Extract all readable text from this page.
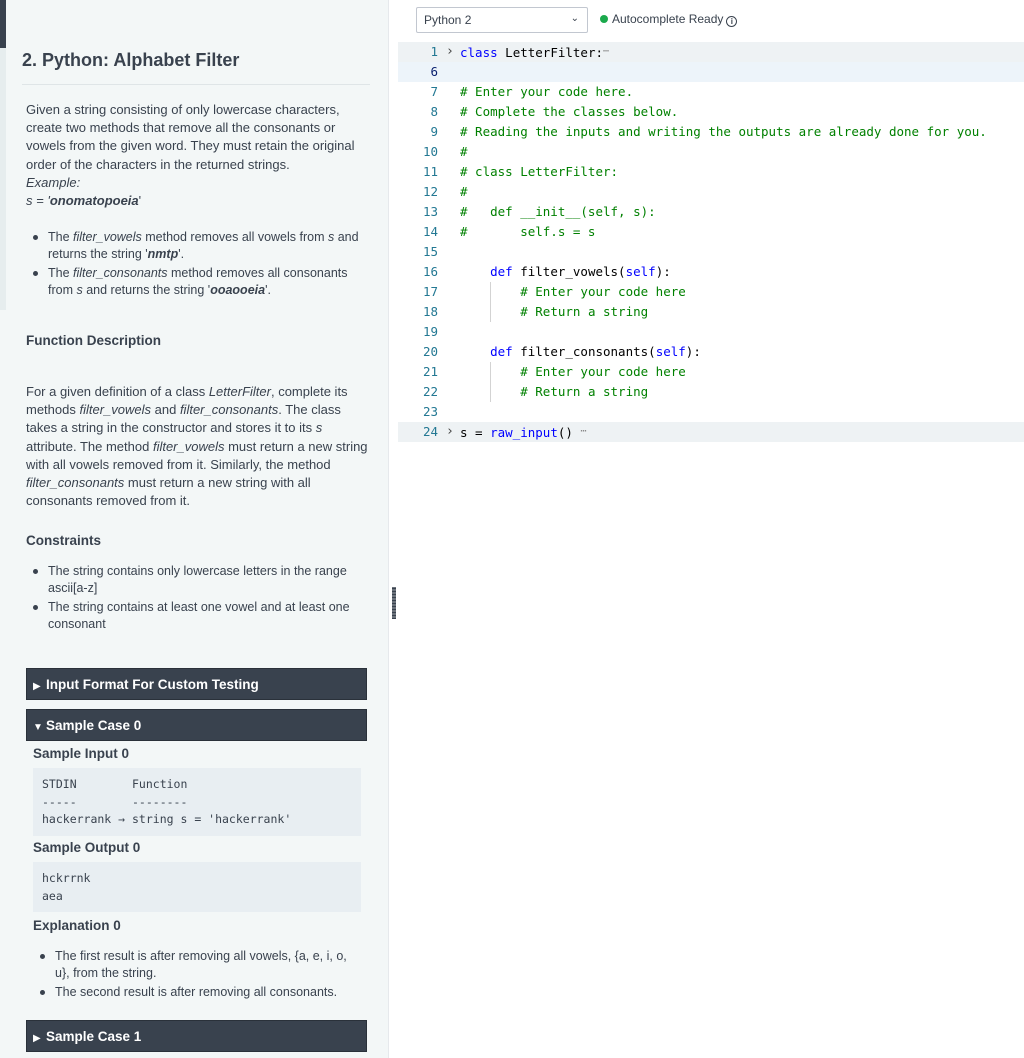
2. Python: Alphabet Filter
Given a string consisting of only lowercase characters, create two methods that remove all the consonants or vowels from the given word. They must retain the original order of the characters in the returned strings.
Example:
s = 'onomatopoeia'
The filter_vowels method removes all vowels from s and returns the string 'nmtp'.
The filter_consonants method removes all consonants from s and returns the string 'ooaooeia'.
Function Description
For a given definition of a class LetterFilter, complete its methods filter_vowels and filter_consonants. The class takes a string in the constructor and stores it to its s attribute. The method filter_vowels must return a new string with all vowels removed from it. Similarly, the method filter_consonants must return a new string with all consonants removed from it.
Constraints
The string contains only lowercase letters in the range ascii[a-z]
The string contains at least one vowel and at least one consonant
▶ Input Format For Custom Testing
▼ Sample Case 0
Sample Input 0
STDIN        Function
-----        --------
hackerrank → string s = 'hackerrank'
Sample Output 0
hckrrnk
aea
Explanation 0
The first result is after removing all vowels, {a, e, i, o, u}, from the string.
The second result is after removing all consonants.
▶ Sample Case 1
Python 2	⌄	Autocomplete Ready i
1 › class LetterFilter:⋯
6
7 # Enter your code here.
8 # Complete the classes below.
9 # Reading the inputs and writing the outputs are already done for you.
10 #
11 # class LetterFilter:
12 #
13 #   def __init__(self, s):
14 #       self.s = s
15
16	def filter_vowels(self):
17	# Enter your code here
18	# Return a string
19
20	def filter_consonants(self):
21	# Enter your code here
22	# Return a string
23
24 › s = raw_input() ⋯
